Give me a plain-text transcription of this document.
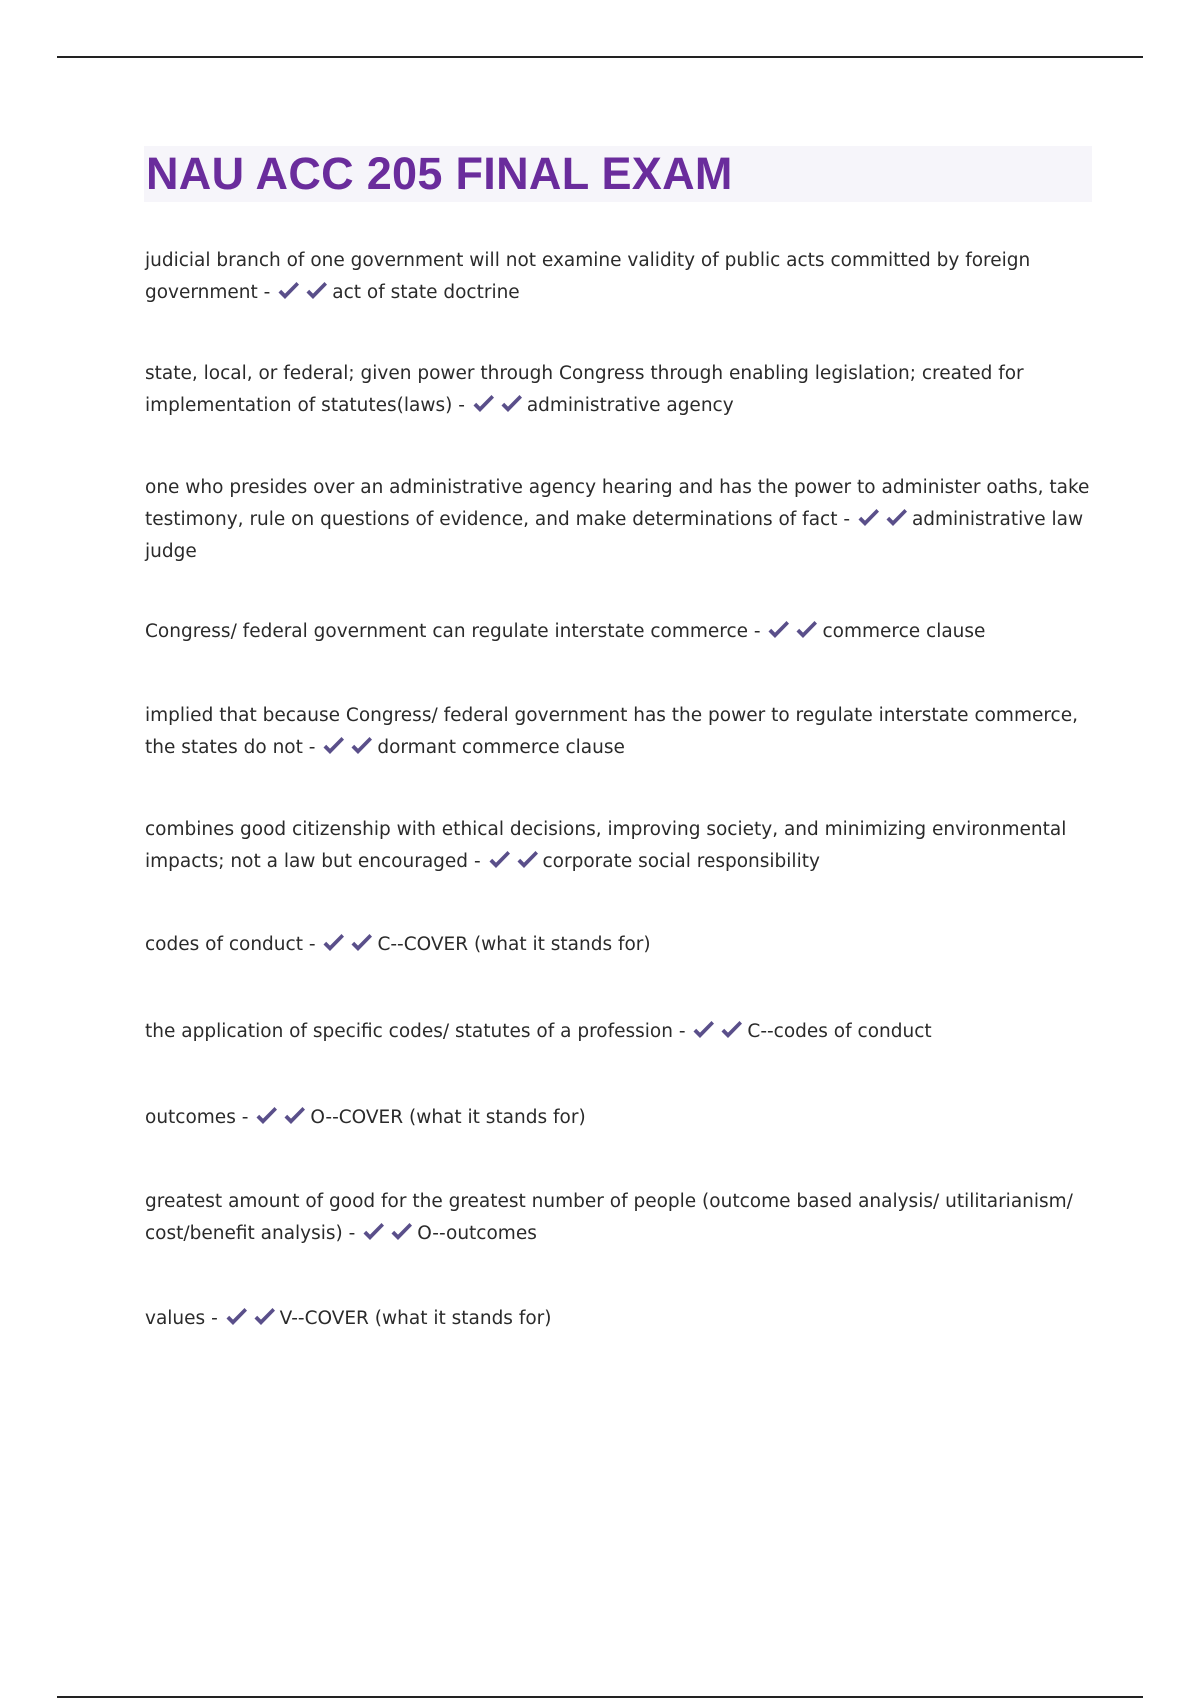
NAU ACC 205 FINAL EXAM
judicial branch of one government will not examine validity of public acts committed by foreign government -	act of state doctrine
state, local, or federal; given power through Congress through enabling legislation; created for implementation of statutes(laws) -	administrative agency
one who presides over an administrative agency hearing and has the power to administer oaths, take testimony, rule on questions of evidence, and make determinations of fact -	administrative law judge
Congress/ federal government can regulate interstate commerce -	commerce clause
implied that because Congress/ federal government has the power to regulate interstate commerce, the states do not -	dormant commerce clause
combines good citizenship with ethical decisions, improving society, and minimizing environmental impacts; not a law but encouraged -	corporate social responsibility
codes of conduct -	C--COVER (what it stands for)
the application of specific codes/ statutes of a profession -	C--codes of conduct
outcomes -	O--COVER (what it stands for)
greatest amount of good for the greatest number of people (outcome based analysis/ utilitarianism/ cost/benefit analysis) -	O--outcomes
values -	V--COVER (what it stands for)
